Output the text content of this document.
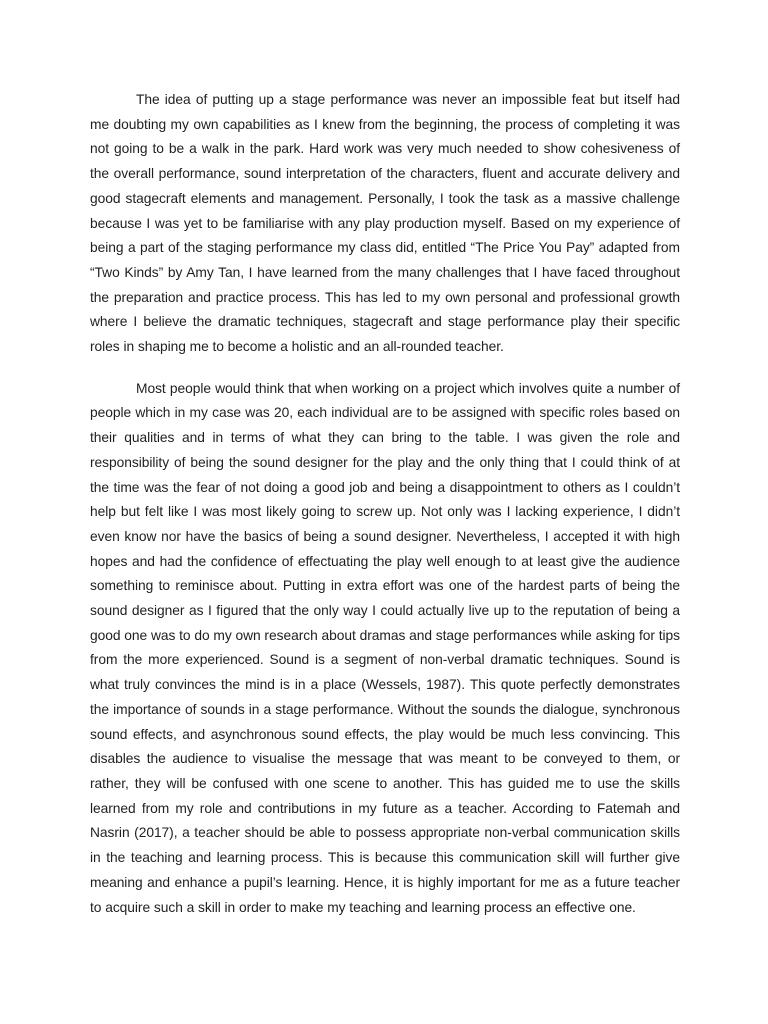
The idea of putting up a stage performance was never an impossible feat but itself had me doubting my own capabilities as I knew from the beginning, the process of completing it was not going to be a walk in the park. Hard work was very much needed to show cohesiveness of the overall performance, sound interpretation of the characters, fluent and accurate delivery and good stagecraft elements and management. Personally, I took the task as a massive challenge because I was yet to be familiarise with any play production myself. Based on my experience of being a part of the staging performance my class did, entitled “The Price You Pay” adapted from “Two Kinds” by Amy Tan, I have learned from the many challenges that I have faced throughout the preparation and practice process. This has led to my own personal and professional growth where I believe the dramatic techniques, stagecraft and stage performance play their specific roles in shaping me to become a holistic and an all-rounded teacher.

Most people would think that when working on a project which involves quite a number of people which in my case was 20, each individual are to be assigned with specific roles based on their qualities and in terms of what they can bring to the table. I was given the role and responsibility of being the sound designer for the play and the only thing that I could think of at the time was the fear of not doing a good job and being a disappointment to others as I couldn’t help but felt like I was most likely going to screw up. Not only was I lacking experience, I didn’t even know nor have the basics of being a sound designer. Nevertheless, I accepted it with high hopes and had the confidence of effectuating the play well enough to at least give the audience something to reminisce about. Putting in extra effort was one of the hardest parts of being the sound designer as I figured that the only way I could actually live up to the reputation of being a good one was to do my own research about dramas and stage performances while asking for tips from the more experienced. Sound is a segment of non-verbal dramatic techniques. Sound is what truly convinces the mind is in a place (Wessels, 1987). This quote perfectly demonstrates the importance of sounds in a stage performance. Without the sounds the dialogue, synchronous sound effects, and asynchronous sound effects, the play would be much less convincing. This disables the audience to visualise the message that was meant to be conveyed to them, or rather, they will be confused with one scene to another. This has guided me to use the skills learned from my role and contributions in my future as a teacher. According to Fatemah and Nasrin (2017), a teacher should be able to possess appropriate non-verbal communication skills in the teaching and learning process. This is because this communication skill will further give meaning and enhance a pupil’s learning. Hence, it is highly important for me as a future teacher to acquire such a skill in order to make my teaching and learning process an effective one.
